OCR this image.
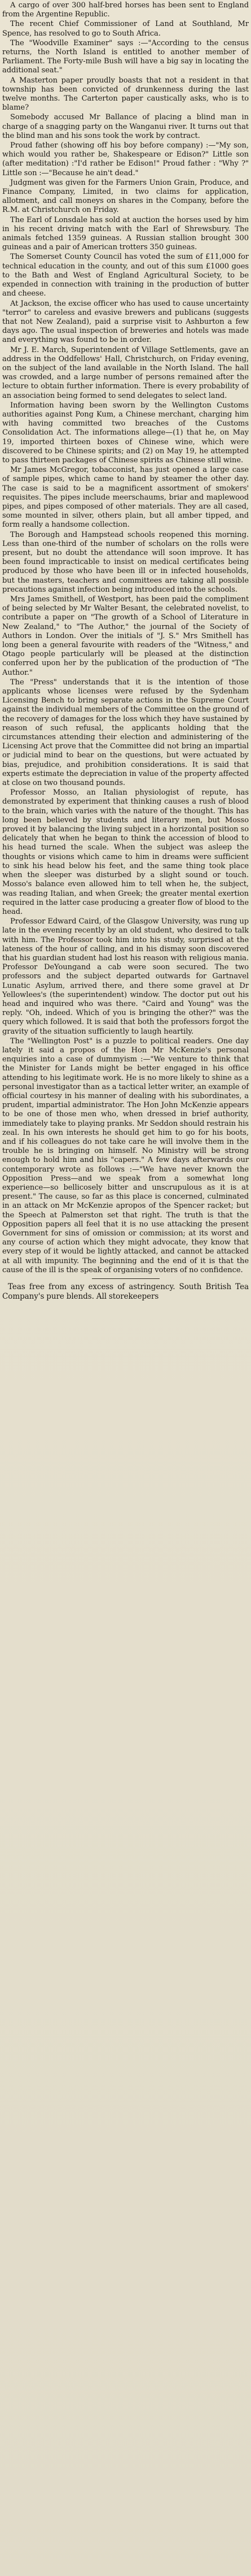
A cargo of over 300 half-bred horses has been sent to England from the Argentine Republic.

The recent Chief Commissioner of Land at Southland, Mr Spence, has resolved to go to South Africa.

The "Woodville Examiner" says :—"According to the census returns, the North Island is entitled to another member of Parliament. The Forty-mile Bush will have a big say in locating the additional seat."

A Masterton paper proudly boasts that not a resident in that township has been convicted of drunkenness during the last twelve months. The Carterton paper caustically asks, who is to blame?

Somebody accused Mr Ballance of placing a blind man in charge of a snagging party on the Wanganui river. It turns out that the blind man and his sons took the work by contract.

Proud father (showing off his boy before company) :—"My son, which would you rather be, Shakespeare or Edison?" Little son (after meditation) :"I'd rather be Edison!" Proud father : "Why ?" Little son :—"Because he ain't dead."

Judgment was given for the Farmers Union Grain, Produce, and Finance Company, Limited, in two claims for application, allotment, and call moneys on shares in the Company, before the R.M. at Christchurch on Friday.

The Earl of Lonsdale has sold at auction the horses used by him in his recent driving match with the Earl of Shrewsbury. The animals fetched 1359 guineas. A Russian stallion brought 300 guineas and a pair of American trotters 350 guineas.

The Somerset County Council has voted the sum of £11,000 for technical education in the county, and out of this sum £1000 goes to the Bath and West of England Agricultural Society, to be expended in connection with training in the production of butter and cheese.

At Jackson, the excise officer who has used to cause uncertainty "terror" to careless and evasive brewers and publicans (suggests that not New Zealand), paid a surprise visit to Ashburton a few days ago. The usual inspection of breweries and hotels was made and everything was found to be in order.

Mr J. E. March, Superintendent of Village Settlements, gave an address in the Oddfellows' Hall, Christchurch, on Friday evening, on the subject of the land available in the North Island. The hall was crowded, and a large number of persons remained after the lecture to obtain further information. There is every probability of an association being formed to send delegates to select land.

Information having been sworn by the Wellington Customs authorities against Pong Kum, a Chinese merchant, charging him with having committed two breaches of the Customs Consolidation Act. The informations allege—(1) that he, on May 19, imported thirteen boxes of Chinese wine, which were discovered to be Chinese spirits; and (2) on May 19, he attempted to pass thirteen packages of Chinese spirits as Chinese still wine.

Mr James McGregor, tobacconist, has just opened a large case of sample pipes, which came to hand by steamer the other day. The case is said to be a magnificent assortment of smokers' requisites. The pipes include meerschaums, briar and maplewood pipes, and pipes composed of other materials. They are all cased, some mounted in silver, others plain, but all amber tipped, and form really a handsome collection.

The Borough and Hampstead schools reopened this morning. Less than one-third of the number of scholars on the rolls were present, but no doubt the attendance will soon improve. It has been found impracticable to insist on medical certificates being produced by those who have been ill or in infected households, but the masters, teachers and committees are taking all possible precautions against infection being introduced into the schools.

Mrs James Smithell, of Westport, has been paid the compliment of being selected by Mr Walter Besant, the celebrated novelist, to contribute a paper on "The growth of a School of Literature in New Zealand," to "The Author," the journal of the Society of Authors in London. Over the initials of "J. S." Mrs Smithell has long been a general favourite with readers of the "Witness," and Otago people particularly will be pleased at the distinction conferred upon her by the publication of the production of "The Author."

The "Press" understands that it is the intention of those applicants whose licenses were refused by the Sydenham Licensing Bench to bring separate actions in the Supreme Court against the individual members of the Committee on the ground of the recovery of damages for the loss which they have sustained by reason of such refusal, the applicants holding that the circumstances attending their election and administering of the Licensing Act prove that the Committee did not bring an impartial or judicial mind to bear on the questions, but were actuated by bias, prejudice, and prohibition considerations. It is said that experts estimate the depreciation in value of the property affected at close on two thousand pounds.

Professor Mosso, an Italian physiologist of repute, has demonstrated by experiment that thinking causes a rush of blood to the brain, which varies with the nature of the thought. This has long been believed by students and literary men, but Mosso proved it by balancing the living subject in a horizontal position so delicately that when he began to think the accession of blood to his head turned the scale. When the subject was asleep the thoughts or visions which came to him in dreams were sufficient to sink his head below his feet, and the same thing took place when the sleeper was disturbed by a slight sound or touch. Mosso's balance even allowed him to tell when he, the subject, was reading Italian, and when Greek; the greater mental exertion required in the latter case producing a greater flow of blood to the head.

Professor Edward Caird, of the Glasgow University, was rung up late in the evening recently by an old student, who desired to talk with him. The Professor took him into his study, surprised at the lateness of the hour of calling, and in his dismay soon discovered that his guardian student had lost his reason with religious mania. Professor DeYoungand a cab were soon secured. The two professors and the subject departed outwards for Gartnavel Lunatic Asylum, arrived there, and there some gravel at Dr Yellowlees's (the superintendent) window. The doctor put out his head and inquired who was there. "Caird and Young" was the reply. "Oh, indeed. Which of you is bringing the other?" was the query which followed. It is said that both the professors forgot the gravity of the situation sufficiently to laugh heartily.

The "Wellington Post" is a puzzle to political readers. One day lately it said a propos of the Hon Mr McKenzie's personal enquiries into a case of dummyism :—"We venture to think that the Minister for Lands might be better engaged in his office attending to his legitimate work. He is no more likely to shine as a personal investigator than as a tactical letter writer, an example of official courtesy in his manner of dealing with his subordinates, a prudent, impartial administrator. The Hon John McKenzie appears to be one of those men who, when dressed in brief authority, immediately take to playing pranks. Mr Seddon should restrain his zeal. In his own interests he should get him to go for his boots, and if his colleagues do not take care he will involve them in the trouble he is bringing on himself. No Ministry will be strong enough to hold him and his "capers." A few days afterwards our contemporary wrote as follows :—"We have never known the Opposition Press—and we speak from a somewhat long experience—so bellicosely bitter and unscrupulous as it is at present." The cause, so far as this place is concerned, culminated in an attack on Mr McKenzie apropos of the Spencer racket; but the Speech at Palmerston set that right. The truth is that the Opposition papers all feel that it is no use attacking the present Government for sins of omission or commission; at its worst and any course of action which they might advocate, they know that every step of it would be lightly attacked, and cannot be attacked at all with impunity. The beginning and the end of it is that the cause of the ill is the speak of organising voters of no confidence.

Teas free from any excess of astringency. South British Tea Company's pure blends. All storekeepers
